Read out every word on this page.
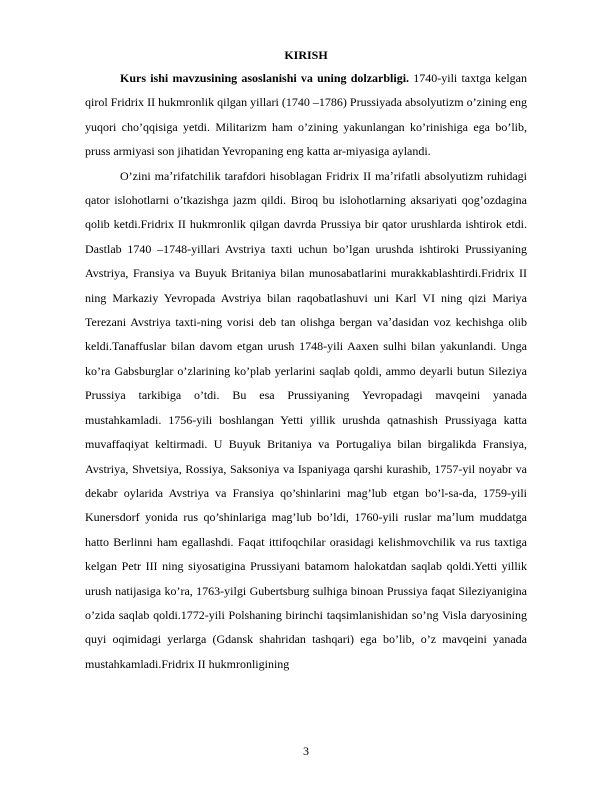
KIRISH

Kurs ishi mavzusining asoslanishi va uning dolzarbligi. 1740-yili taxtga kelgan qirol Fridrix II hukmronlik qilgan yillari (1740 –1786) Prussiyada absolyutizm o’zining eng yuqori cho’qqisiga yetdi. Militarizm ham o’zining yakunlangan ko’rinishiga ega bo’lib, pruss armiyasi son jihatidan Yevropaning eng katta ar-miyasiga aylandi.

O’zini maʼrifatchilik tarafdori hisoblagan Fridrix II maʼrifatli absolyutizm ruhidagi qator islohotlarni o’tkazishga jazm qildi. Biroq bu islohotlarning aksariyati qog’ozdagina qolib ketdi.Fridrix II hukmronlik qilgan davrda Prussiya bir qator urushlarda ishtirok etdi. Dastlab 1740 –1748-yillari Avstriya taxti uchun bo’lgan urushda ishtiroki Prussiyaning Avstriya, Fransiya va Buyuk Britaniya bilan munosabatlarini murakkablashtirdi.Fridrix II ning Markaziy Yevropada Avstriya bilan raqobatlashuvi uni Karl VI ning qizi Mariya Terezani Avstriya taxti-ning vorisi deb tan olishga bergan vaʼdasidan voz kechishga olib keldi.Tanaffuslar bilan davom etgan urush 1748-yili Aaxen sulhi bilan yakunlandi. Unga ko’ra Gabsburglar o’zlarining ko’plab yerlarini saqlab qoldi, ammo deyarli butun Sileziya Prussiya tarkibiga o’tdi. Bu esa Prussiyaning Yevropadagi mavqeini yanada mustahkamladi. 1756-yili boshlangan Yetti yillik urushda qatnashish Prussiyaga katta muvaffaqiyat keltirmadi. U Buyuk Britaniya va Portugaliya bilan birgalikda Fransiya, Avstriya, Shvetsiya, Rossiya, Saksoniya va Ispaniyaga qarshi kurashib, 1757-yil noyabr va dekabr oylarida Avstriya va Fransiya qo’shinlarini mag’lub etgan bo’l-sa-da, 1759-yili Kunersdorf yonida rus qo’shinlariga mag’lub bo’ldi, 1760-yili ruslar maʼlum muddatga hatto Berlinni ham egallashdi. Faqat ittifoqchilar orasidagi kelishmovchilik va rus taxtiga kelgan Petr III ning siyosatigina Prussiyani batamom halokatdan saqlab qoldi.Yetti yillik urush natijasiga ko’ra, 1763-yilgi Gubertsburg sulhiga binoan Prussiya faqat Sileziyanigina o’zida saqlab qoldi.1772-yili Polshaning birinchi taqsimlanishidan so’ng Visla daryosining quyi oqimidagi yerlarga (Gdansk shahridan tashqari) ega bo’lib, o’z mavqeini yanada mustahkamladi.Fridrix II hukmronligining

3
